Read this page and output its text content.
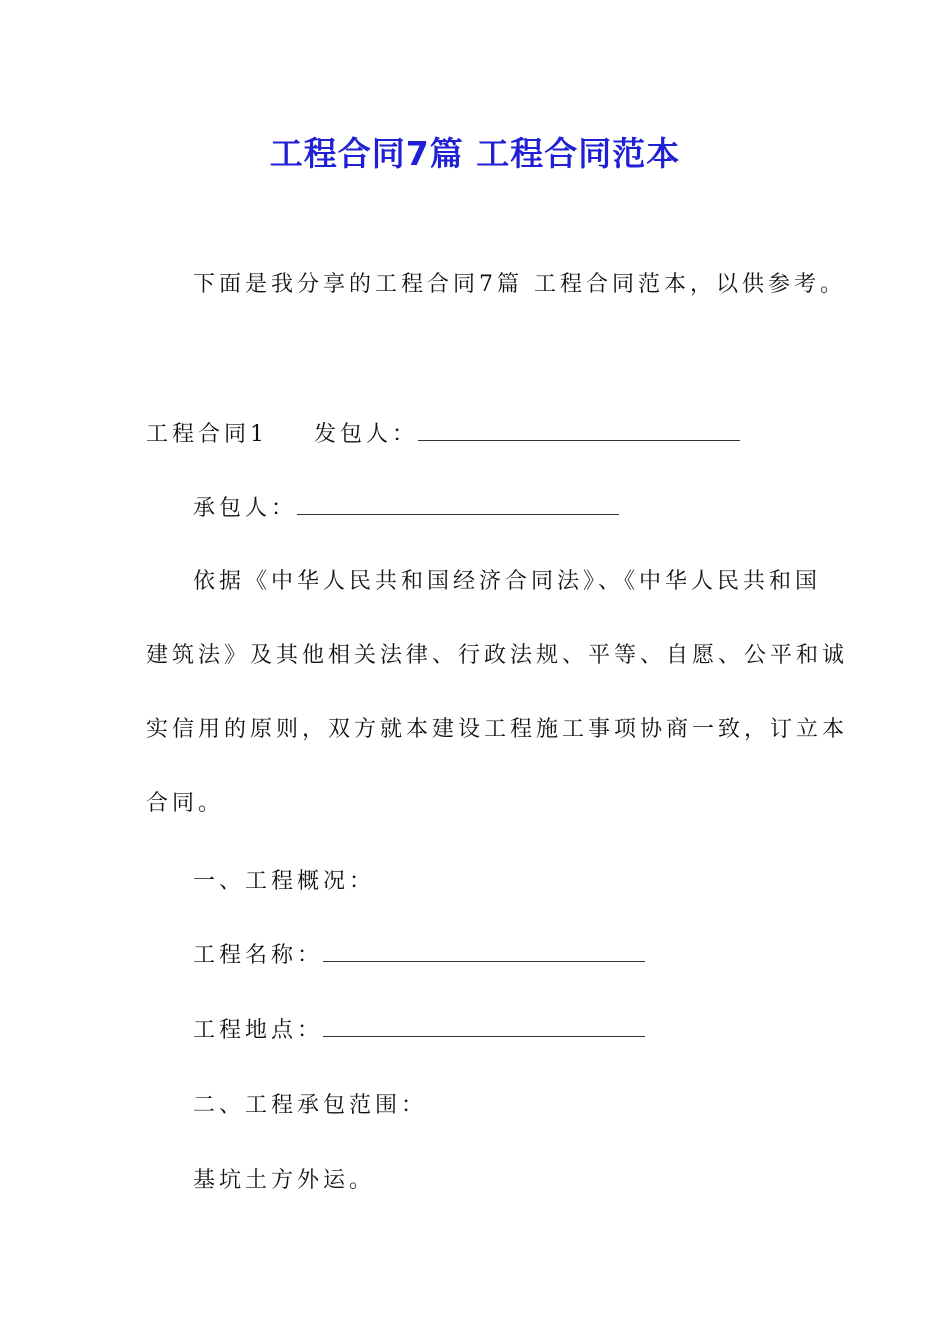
工程合同7篇 工程合同范本
下面是我分享的工程合同7篇 工程合同范本，以供参考。
工程合同1 发包人：
承包人：
依据《中华人民共和国经济合同法》、《中华人民共和国
建筑法》及其他相关法律、行政法规、平等、自愿、公平和诚
实信用的原则，双方就本建设工程施工事项协商一致，订立本
合同。
一、工程概况：
工程名称：
工程地点：
二、工程承包范围：
基坑土方外运。
